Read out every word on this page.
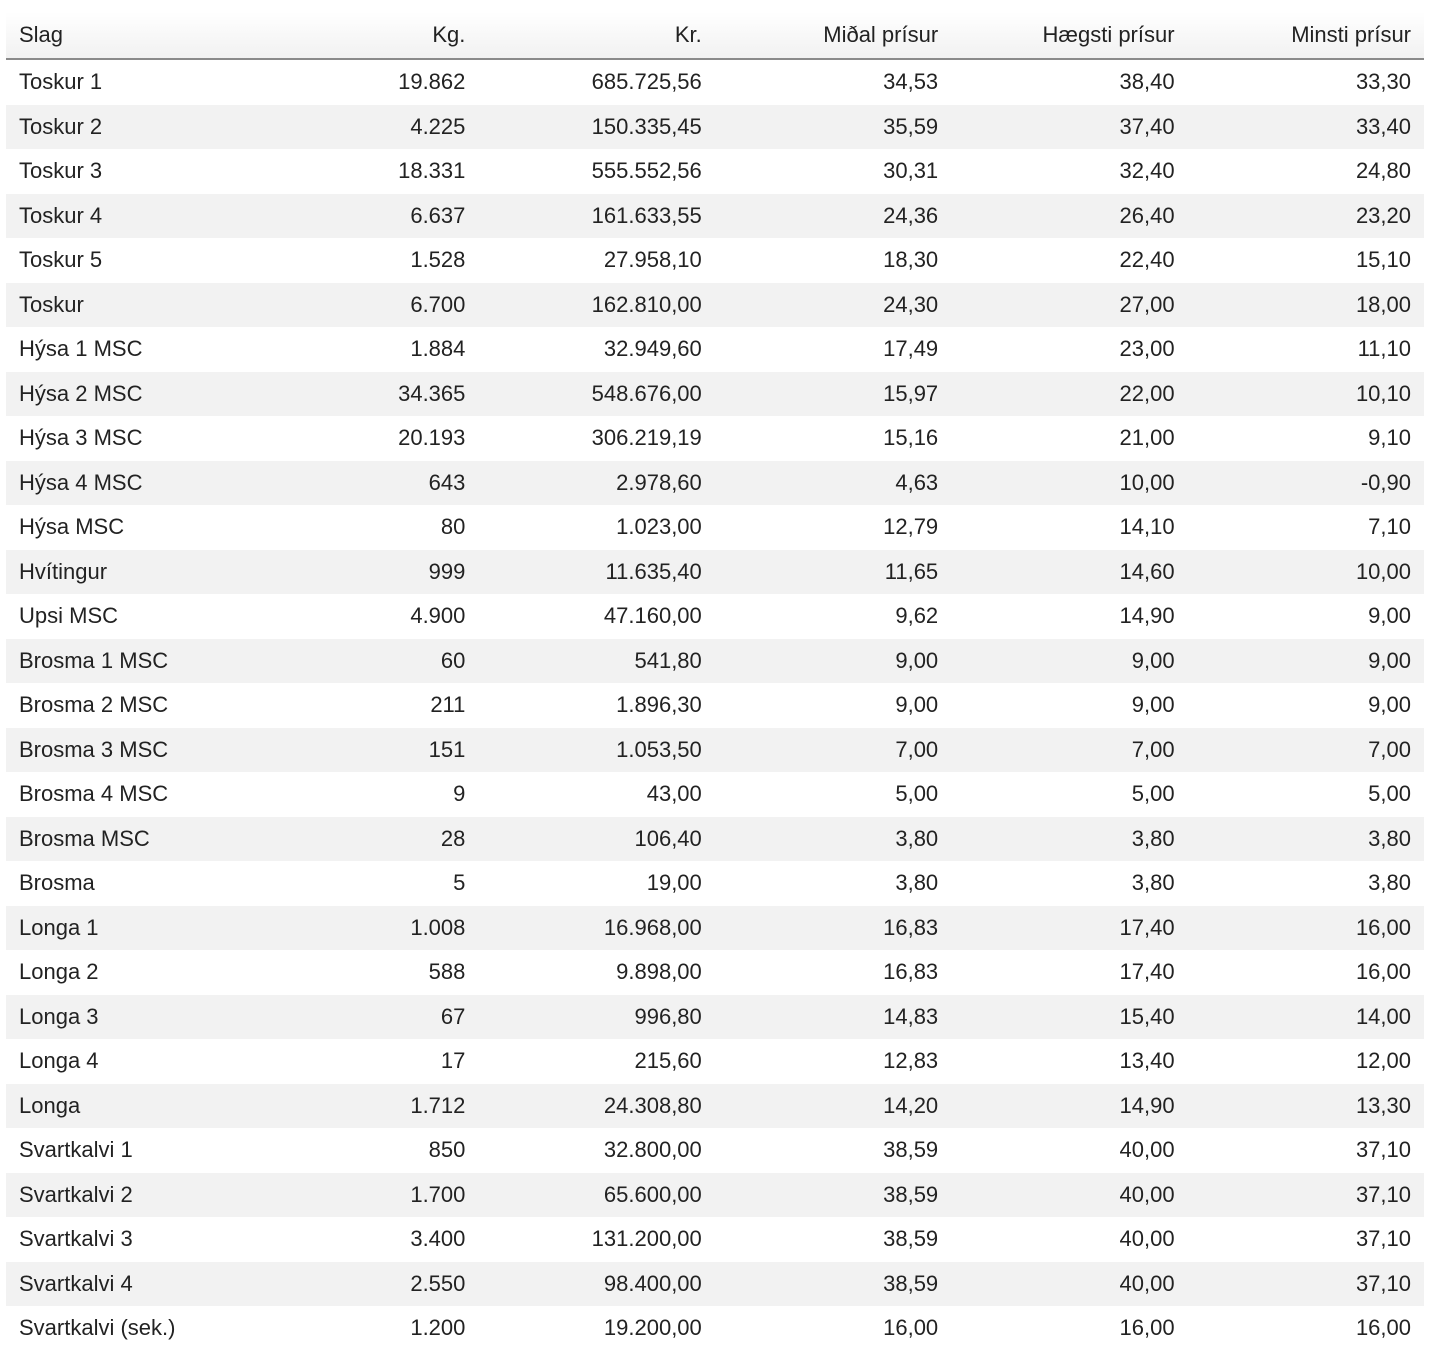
Slag	Kg.	Kr.	Miðal prísur	Hægsti prísur	Minsti prísur
Toskur 1	19.862	685.725,56	34,53	38,40	33,30
Toskur 2	4.225	150.335,45	35,59	37,40	33,40
Toskur 3	18.331	555.552,56	30,31	32,40	24,80
Toskur 4	6.637	161.633,55	24,36	26,40	23,20
Toskur 5	1.528	27.958,10	18,30	22,40	15,10
Toskur	6.700	162.810,00	24,30	27,00	18,00
Hýsa 1 MSC	1.884	32.949,60	17,49	23,00	11,10
Hýsa 2 MSC	34.365	548.676,00	15,97	22,00	10,10
Hýsa 3 MSC	20.193	306.219,19	15,16	21,00	9,10
Hýsa 4 MSC	643	2.978,60	4,63	10,00	-0,90
Hýsa MSC	80	1.023,00	12,79	14,10	7,10
Hvítingur	999	11.635,40	11,65	14,60	10,00
Upsi MSC	4.900	47.160,00	9,62	14,90	9,00
Brosma 1 MSC	60	541,80	9,00	9,00	9,00
Brosma 2 MSC	211	1.896,30	9,00	9,00	9,00
Brosma 3 MSC	151	1.053,50	7,00	7,00	7,00
Brosma 4 MSC	9	43,00	5,00	5,00	5,00
Brosma MSC	28	106,40	3,80	3,80	3,80
Brosma	5	19,00	3,80	3,80	3,80
Longa 1	1.008	16.968,00	16,83	17,40	16,00
Longa 2	588	9.898,00	16,83	17,40	16,00
Longa 3	67	996,80	14,83	15,40	14,00
Longa 4	17	215,60	12,83	13,40	12,00
Longa	1.712	24.308,80	14,20	14,90	13,30
Svartkalvi 1	850	32.800,00	38,59	40,00	37,10
Svartkalvi 2	1.700	65.600,00	38,59	40,00	37,10
Svartkalvi 3	3.400	131.200,00	38,59	40,00	37,10
Svartkalvi 4	2.550	98.400,00	38,59	40,00	37,10
Svartkalvi (sek.)	1.200	19.200,00	16,00	16,00	16,00
